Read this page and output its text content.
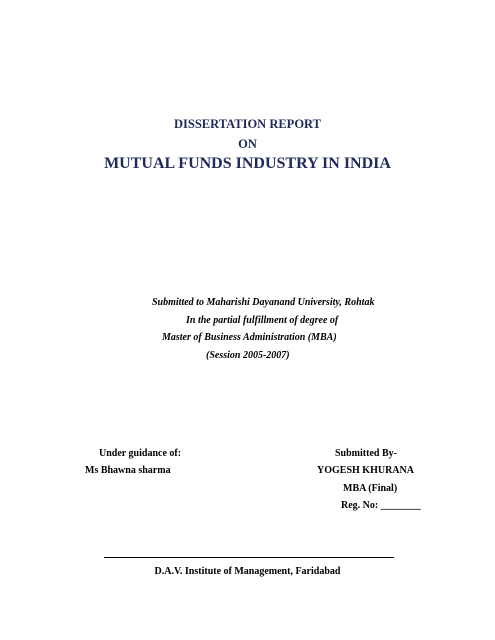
DISSERTATION REPORT
ON
MUTUAL FUNDS INDUSTRY IN INDIA
Submitted to Maharishi Dayanand University, Rohtak
In the partial fulfillment of degree of
Master of Business Administration (MBA)
(Session 2005-2007)
Under guidance of:
Ms Bhawna sharma
Submitted By-
YOGESH KHURANA
MBA (Final)
Reg. No: ________
D.A.V. Institute of Management, Faridabad
